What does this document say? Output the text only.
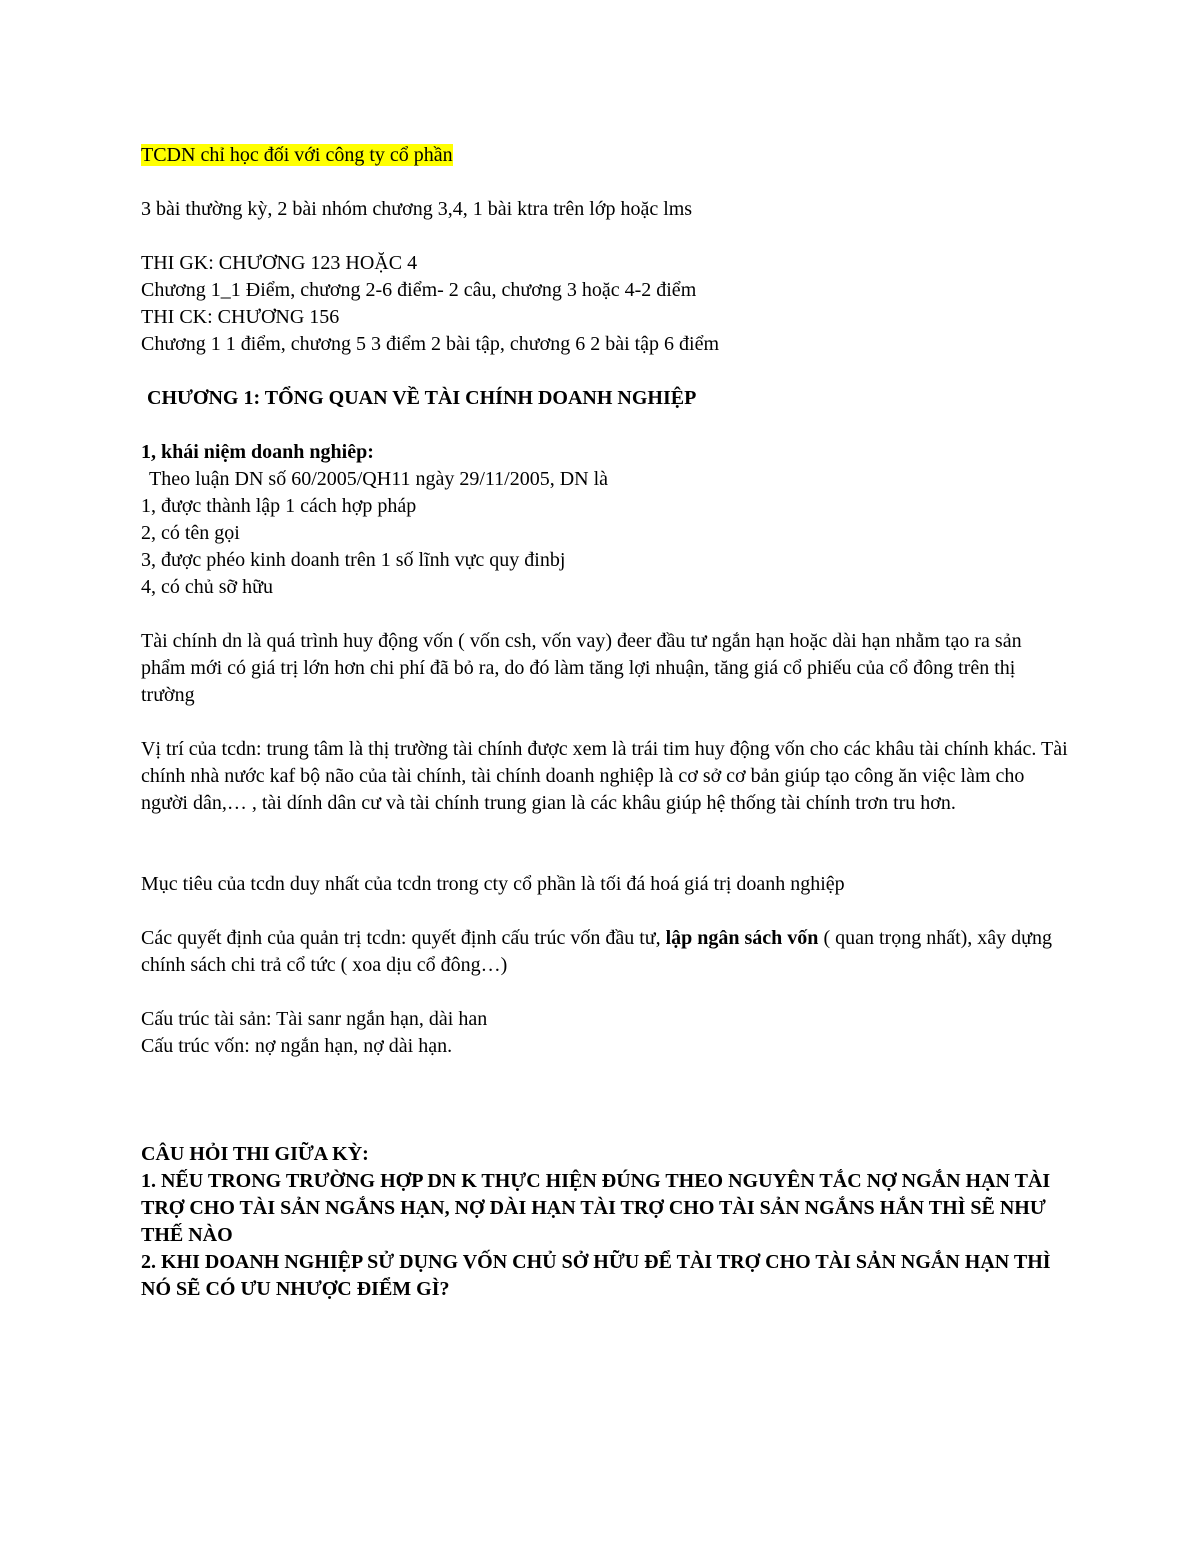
TCDN chỉ học đối với công ty cổ phần

3 bài thường kỳ, 2 bài nhóm chương 3,4, 1 bài ktra trên lớp hoặc lms

THI GK: CHƯƠNG 123 HOẶC 4

Chương 1_1 Điểm, chương 2-6 điểm- 2 câu, chương 3 hoặc 4-2 điểm

THI CK: CHƯƠNG 156

Chương 1 1 điểm, chương 5 3 điểm 2 bài tập, chương 6 2 bài tập 6 điểm

CHƯƠNG 1: TỔNG QUAN VỀ TÀI CHÍNH DOANH NGHIỆP

1, khái niệm doanh nghiêp:

Theo luận DN số 60/2005/QH11 ngày 29/11/2005, DN là

1, được thành lập 1 cách hợp pháp

2, có tên gọi

3, được phéo kinh doanh trên 1 số lĩnh vực quy đinbj

4, có chủ sỡ hữu

Tài chính dn là quá trình huy động vốn ( vốn csh, vốn vay) đeer đầu tư ngắn hạn hoặc dài hạn nhằm tạo ra sản phẩm mới có giá trị lớn hơn chi phí đã bỏ ra, do đó làm tăng lợi nhuận, tăng giá cổ phiếu của cổ đông trên thị trường

Vị trí của tcdn: trung tâm là thị trường tài chính được xem là trái tim huy động vốn cho các khâu tài chính khác. Tài chính nhà nước kaf bộ não của tài chính, tài chính doanh nghiệp là cơ sở cơ bản giúp tạo công ăn việc làm cho người dân,… , tài dính dân cư và tài chính trung gian là các khâu giúp hệ thống tài chính trơn tru hơn.

Mục tiêu của tcdn duy nhất của tcdn trong cty cổ phần là tối đá hoá giá trị doanh nghiệp

Các quyết định của quản trị tcdn: quyết định cấu trúc vốn đầu tư, lập ngân sách vốn ( quan trọng nhất), xây dựng chính sách chi trả cổ tức ( xoa dịu cổ đông…)

Cấu trúc tài sản: Tài sanr ngắn hạn, dài han

Cấu trúc vốn: nợ ngắn hạn, nợ dài hạn.

CÂU HỎI THI GIỮA KỲ:

1. NẾU TRONG TRƯỜNG HỢP DN K THỰC HIỆN ĐÚNG THEO NGUYÊN TẮC NỢ NGẮN HẠN TÀI TRỢ CHO TÀI SẢN NGẮNS HẠN, NỢ DÀI HẠN TÀI TRỢ CHO TÀI SẢN NGẮNS HẮN THÌ SẼ NHƯ THẾ NÀO

2. KHI DOANH NGHIỆP SỬ DỤNG VỐN CHỦ SỞ HỮU ĐỂ TÀI TRỢ CHO TÀI SẢN NGẮN HẠN THÌ NÓ SẼ CÓ ƯU NHƯỢC ĐIỂM GÌ?
